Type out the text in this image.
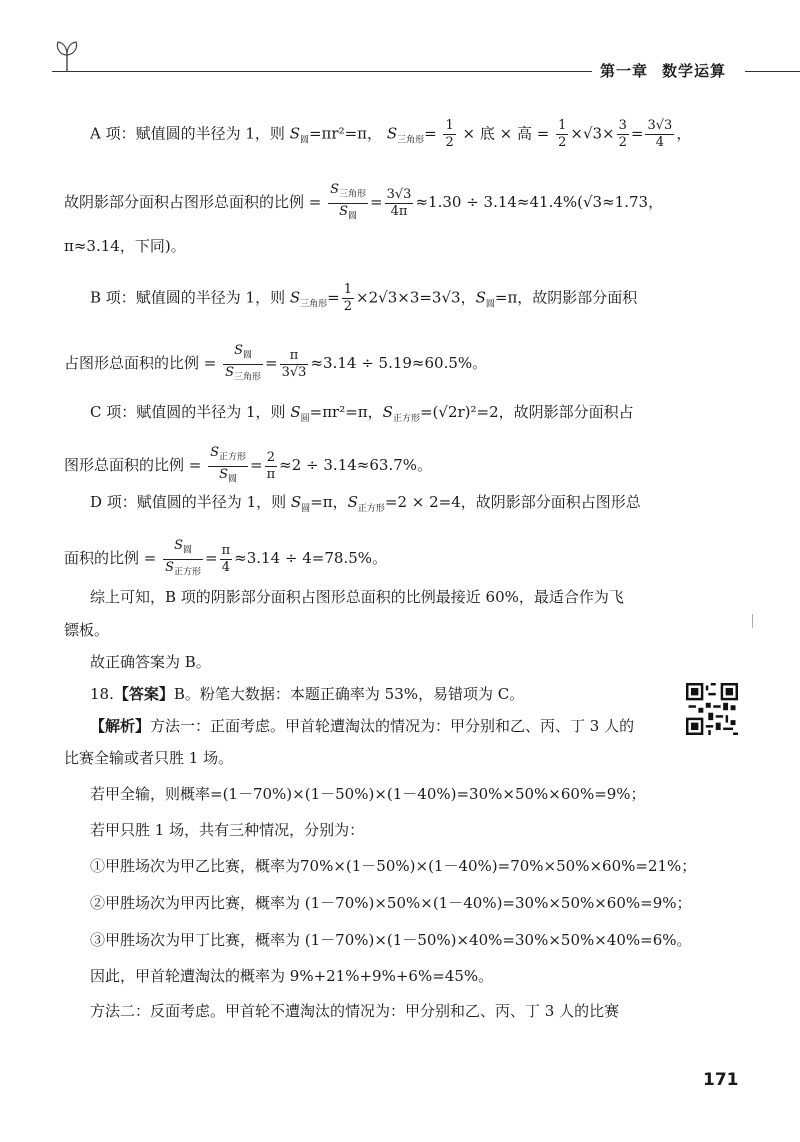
第一章 数学运算
A 项：赋值圆的半径为 1，则 $S_圆=\pi r^2=\pi$， $S_{三角形}= \frac{1}{2}$ × 底 × 高 = $\frac{1}{2} \times√3\times \frac{3}{2} = \frac{3√3}{4}$ ，
故阴影部分面积占图形总面积的比例 = $\frac{S_{三角形}}{S_圆} = \frac{3√3}{4\pi} \approx 1.30 \div 3.14\approx 41.4\%(√3\approx 1.73$，
π≈3.14，下同)。
B 项：赋值圆的半径为 1，则 $S_{三角形}= \frac{1}{2} \times 2√3\times 3=3√3$，$S_圆=\pi$，故阴影部分面积
占图形总面积的比例 = $\frac{S_圆}{S_{三角形}} = \frac{\pi}{3√3} \approx 3.14 \div 5.19\approx 60.5\%$。
C 项：赋值圆的半径为 1，则 $S_圆=\pi r^2=\pi$，$S_{正方形}=(√2r)^2=2$，故阴影部分面积占
图形总面积的比例 = $\frac{S_{正方形}}{S_圆} = \frac{2}{\pi} \approx 2 \div 3.14\approx 63.7\%$。
D 项：赋值圆的半径为 1，则 $S_圆=\pi$，$S_{正方形}=2 \times 2=4$，故阴影部分面积占图形总
面积的比例 = $\frac{S_圆}{S_{正方形}} = \frac{\pi}{4} \approx 3.14 \div 4=78.5\%$。
综上可知，B 项的阴影部分面积占图形总面积的比例最接近 60%，最适合作为飞
镖板。
故正确答案为 B。
18.【答案】B。粉笔大数据：本题正确率为 53%，易错项为 C。
【解析】方法一：正面考虑。甲首轮遭淘汰的情况为：甲分别和乙、丙、丁 3 人的
比赛全输或者只胜 1 场。
若甲全输，则概率=(1－70%)×(1－50%)×(1－40%)=30%×50%×60%=9%；
若甲只胜 1 场，共有三种情况，分别为：
①甲胜场次为甲乙比赛，概率为70%×(1－50%)×(1－40%)=70%×50%×60%=21%；
②甲胜场次为甲丙比赛，概率为 (1－70%)×50%×(1－40%)=30%×50%×60%=9%；
③甲胜场次为甲丁比赛，概率为 (1－70%)×(1－50%)×40%=30%×50%×40%=6%。
因此，甲首轮遭淘汰的概率为 9%+21%+9%+6%=45%。
方法二：反面考虑。甲首轮不遭淘汰的情况为：甲分别和乙、丙、丁 3 人的比赛
171
